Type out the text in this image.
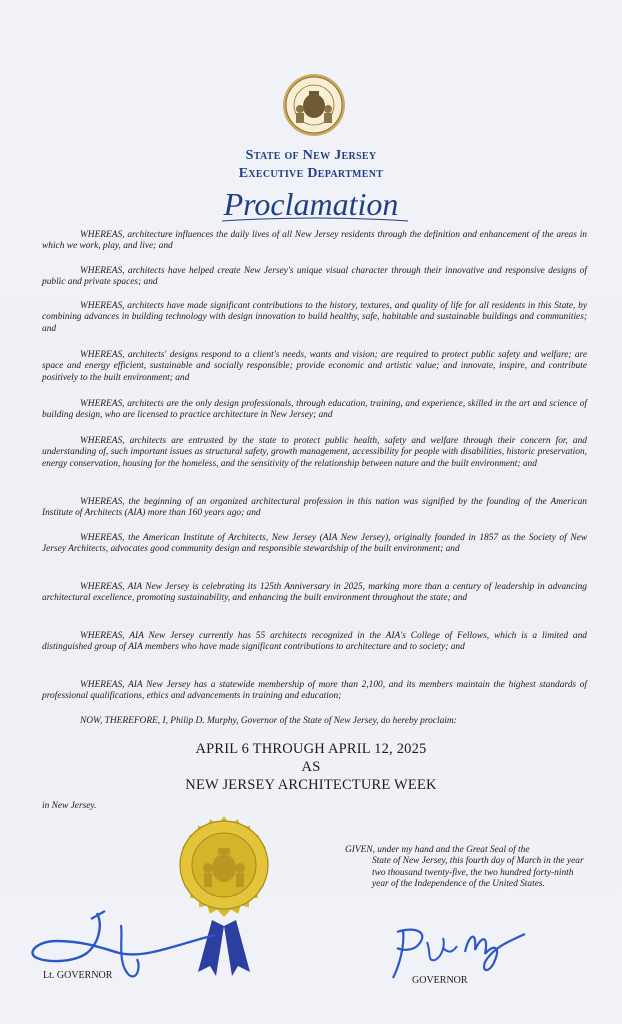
State of New Jersey
Executive Department
Proclamation

WHEREAS, architecture influences the daily lives of all New Jersey residents through the definition and enhancement of the areas in which we work, play, and live; and

WHEREAS, architects have helped create New Jersey's unique visual character through their innovative and responsive designs of public and private spaces; and

WHEREAS, architects have made significant contributions to the history, textures, and quality of life for all residents in this State, by combining advances in building technology with design innovation to build healthy, safe, habitable and sustainable buildings and communities; and

WHEREAS, architects' designs respond to a client's needs, wants and vision; are required to protect public safety and welfare; are space and energy efficient, sustainable and socially responsible; provide economic and artistic value; and innovate, inspire, and contribute positively to the built environment; and

WHEREAS, architects are the only design professionals, through education, training, and experience, skilled in the art and science of building design, who are licensed to practice architecture in New Jersey; and

WHEREAS, architects are entrusted by the state to protect public health, safety and welfare through their concern for, and understanding of, such important issues as structural safety, growth management, accessibility for people with disabilities, historic preservation, energy conservation, housing for the homeless, and the sensitivity of the relationship between nature and the built environment; and

WHEREAS, the beginning of an organized architectural profession in this nation was signified by the founding of the American Institute of Architects (AIA) more than 160 years ago; and

WHEREAS, the American Institute of Architects, New Jersey (AIA New Jersey), originally founded in 1857 as the Society of New Jersey Architects, advocates good community design and responsible stewardship of the built environment; and

WHEREAS, AIA New Jersey is celebrating its 125th Anniversary in 2025, marking more than a century of leadership in advancing architectural excellence, promoting sustainability, and enhancing the built environment throughout the state; and

WHEREAS, AIA New Jersey currently has 55 architects recognized in the AIA's College of Fellows, which is a limited and distinguished group of AIA members who have made significant contributions to architecture and to society; and

WHEREAS, AIA New Jersey has a statewide membership of more than 2,100, and its members maintain the highest standards of professional qualifications, ethics and advancements in training and education;

NOW, THEREFORE, I, Philip D. Murphy, Governor of the State of New Jersey, do hereby proclaim:

APRIL 6 THROUGH APRIL 12, 2025
AS
NEW JERSEY ARCHITECTURE WEEK
in New Jersey.
GIVEN, under my hand and the Great Seal of the
State of New Jersey, this fourth day of March in the year two thousand twenty-five, the two hundred forty-ninth year of the Independence of the United States.
Lt. GOVERNOR	GOVERNOR
